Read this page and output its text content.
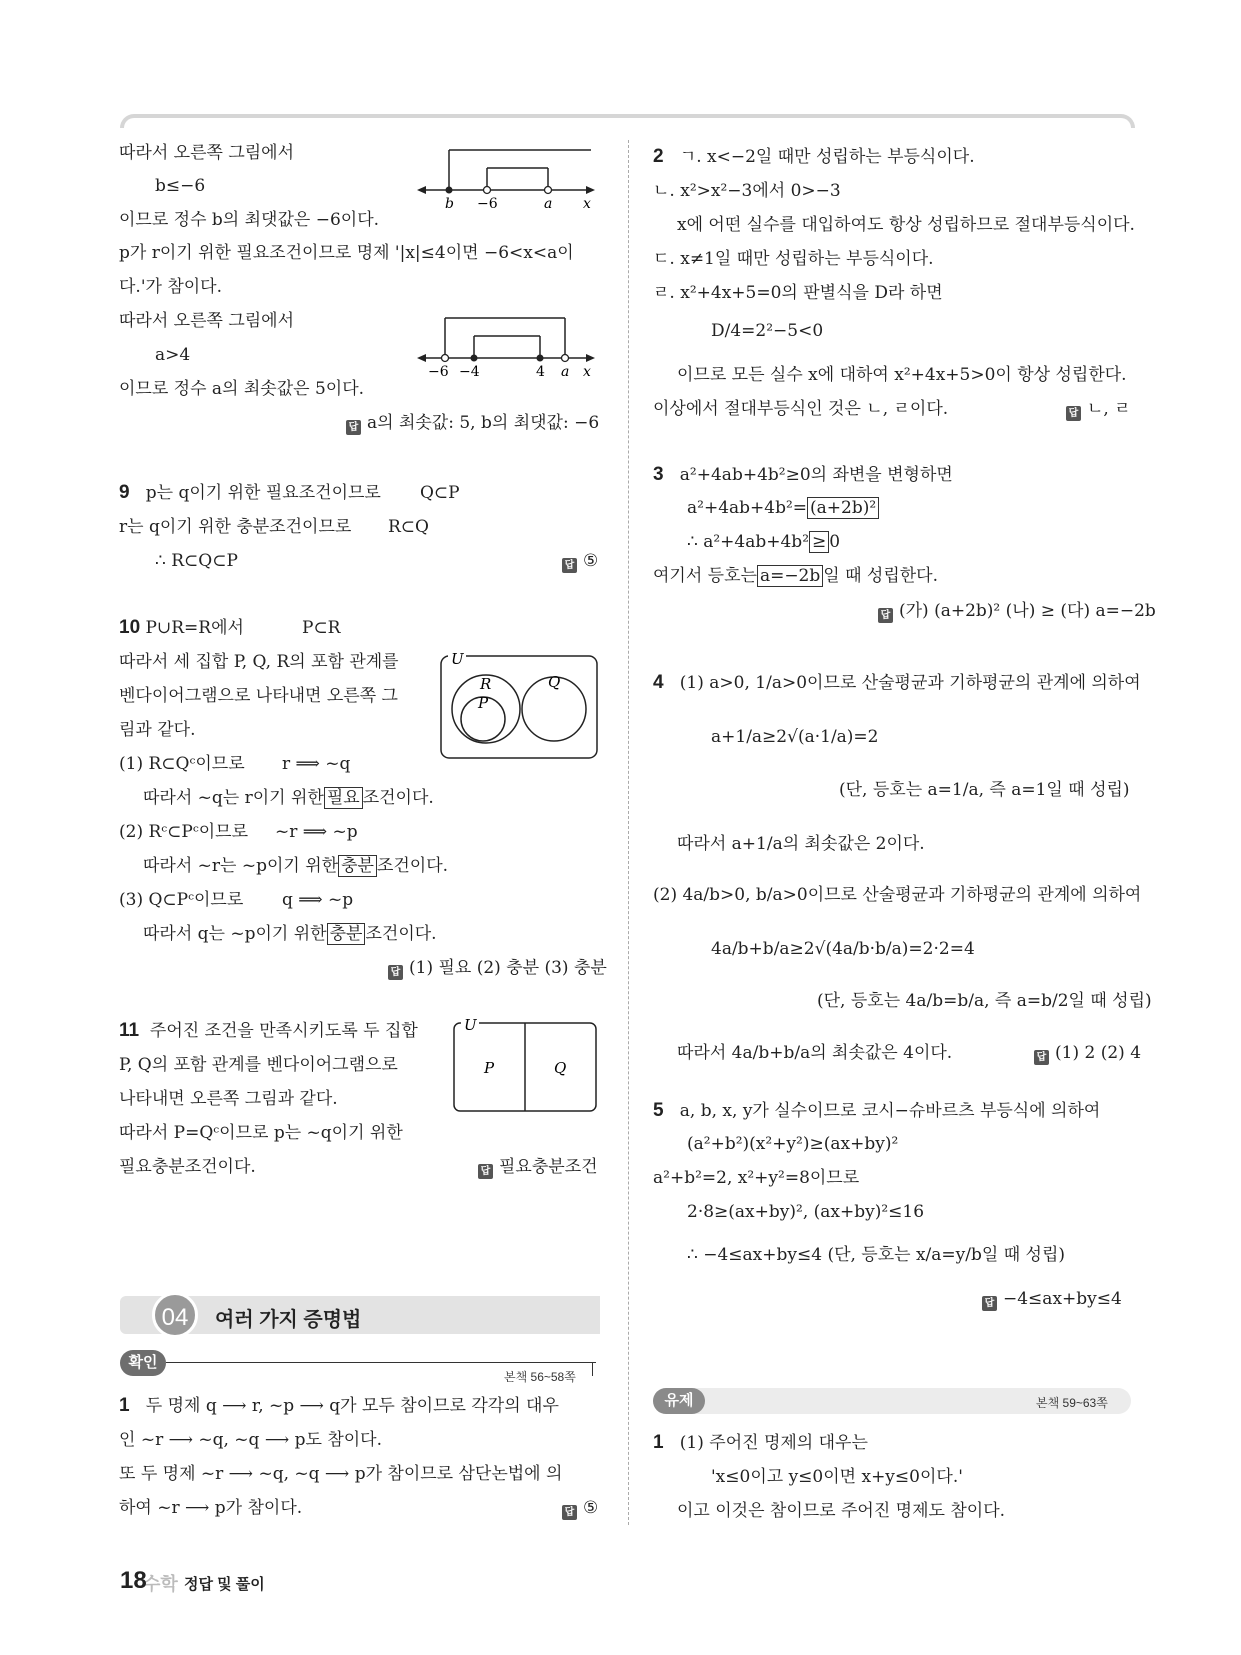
따라서 오른쪽 그림에서
b≤−6
이므로 정수 b의 최댓값은 −6이다.
p가 r이기 위한 필요조건이므로 명제 '|x|≤4이면 −6<x<a이
다.'가 참이다.
따라서 오른쪽 그림에서
a>4
이므로 정수 a의 최솟값은 5이다.
답 a의 최솟값: 5, b의 최댓값: −6
b −6	a x
−6 −4	4 a x
9 p는 q이기 위한 필요조건이므로 Q⊂P
r는 q이기 위한 충분조건이므로 R⊂Q
∴ R⊂Q⊂P	답 ⑤
10 P∪R=R에서	P⊂R
따라서 세 집합 P, Q, R의 포함 관계를
벤다이어그램으로 나타내면 오른쪽 그
림과 같다.
(1) R⊂Qᶜ이므로 r ⟹ ~q
따라서 ~q는 r이기 위한 필요 조건이다.
(2) Rᶜ⊂Pᶜ이므로 ~r ⟹ ~p
따라서 ~r는 ~p이기 위한 충분 조건이다.
(3) Q⊂Pᶜ이므로 q ⟹ ~p
따라서 q는 ~p이기 위한 충분 조건이다.
답 (1) 필요 (2) 충분 (3) 충분
U
R
P
Q
11 주어진 조건을 만족시키도록 두 집합
P, Q의 포함 관계를 벤다이어그램으로
나타내면 오른쪽 그림과 같다.
따라서 P=Qᶜ이므로 p는 ~q이기 위한
필요충분조건이다.	답 필요충분조건
U
P	Q
04	여러 가지 증명법
확인
본책 56~58쪽
1 두 명제 q ⟶ r, ~p ⟶ q가 모두 참이므로 각각의 대우
인 ~r ⟶ ~q, ~q ⟶ p도 참이다.
또 두 명제 ~r ⟶ ~q, ~q ⟶ p가 참이므로 삼단논법에 의
하여 ~r ⟶ p가 참이다.	답 ⑤
2 ㄱ. x<−2일 때만 성립하는 부등식이다.
ㄴ. x²>x²−3에서 0>−3
x에 어떤 실수를 대입하여도 항상 성립하므로 절대부등식이다.
ㄷ. x≠1일 때만 성립하는 부등식이다.
ㄹ. x²+4x+5=0의 판별식을 D라 하면
D/4=2²−5<0
이므로 모든 실수 x에 대하여 x²+4x+5>0이 항상 성립한다.
이상에서 절대부등식인 것은 ㄴ, ㄹ이다.	답 ㄴ, ㄹ
3 a²+4ab+4b²≥0의 좌변을 변형하면
a²+4ab+4b²= (a+2b)²
∴ a²+4ab+4b² ≥ 0
여기서 등호는 a=−2b 일 때 성립한다.
답 (가) (a+2b)² (나) ≥ (다) a=−2b
4 (1) a>0, 1/a>0이므로 산술평균과 기하평균의 관계에 의하여
a+1/a≥2√(a·1/a)=2
(단, 등호는 a=1/a, 즉 a=1일 때 성립)
따라서 a+1/a의 최솟값은 2이다.
(2) 4a/b>0, b/a>0이므로 산술평균과 기하평균의 관계에 의하여
4a/b+b/a≥2√(4a/b·b/a)=2·2=4
(단, 등호는 4a/b=b/a, 즉 a=b/2일 때 성립)
따라서 4a/b+b/a의 최솟값은 4이다.	답 (1) 2 (2) 4
5 a, b, x, y가 실수이므로 코시−슈바르츠 부등식에 의하여
(a²+b²)(x²+y²)≥(ax+by)²
a²+b²=2, x²+y²=8이므로
2·8≥(ax+by)², (ax+by)²≤16
∴ −4≤ax+by≤4 (단, 등호는 x/a=y/b일 때 성립)
답 −4≤ax+by≤4
유제	본책 59~63쪽
1 (1) 주어진 명제의 대우는
'x≤0이고 y≤0이면 x+y≤0이다.'
이고 이것은 참이므로 주어진 명제도 참이다.
수학
18 정답 및 풀이
